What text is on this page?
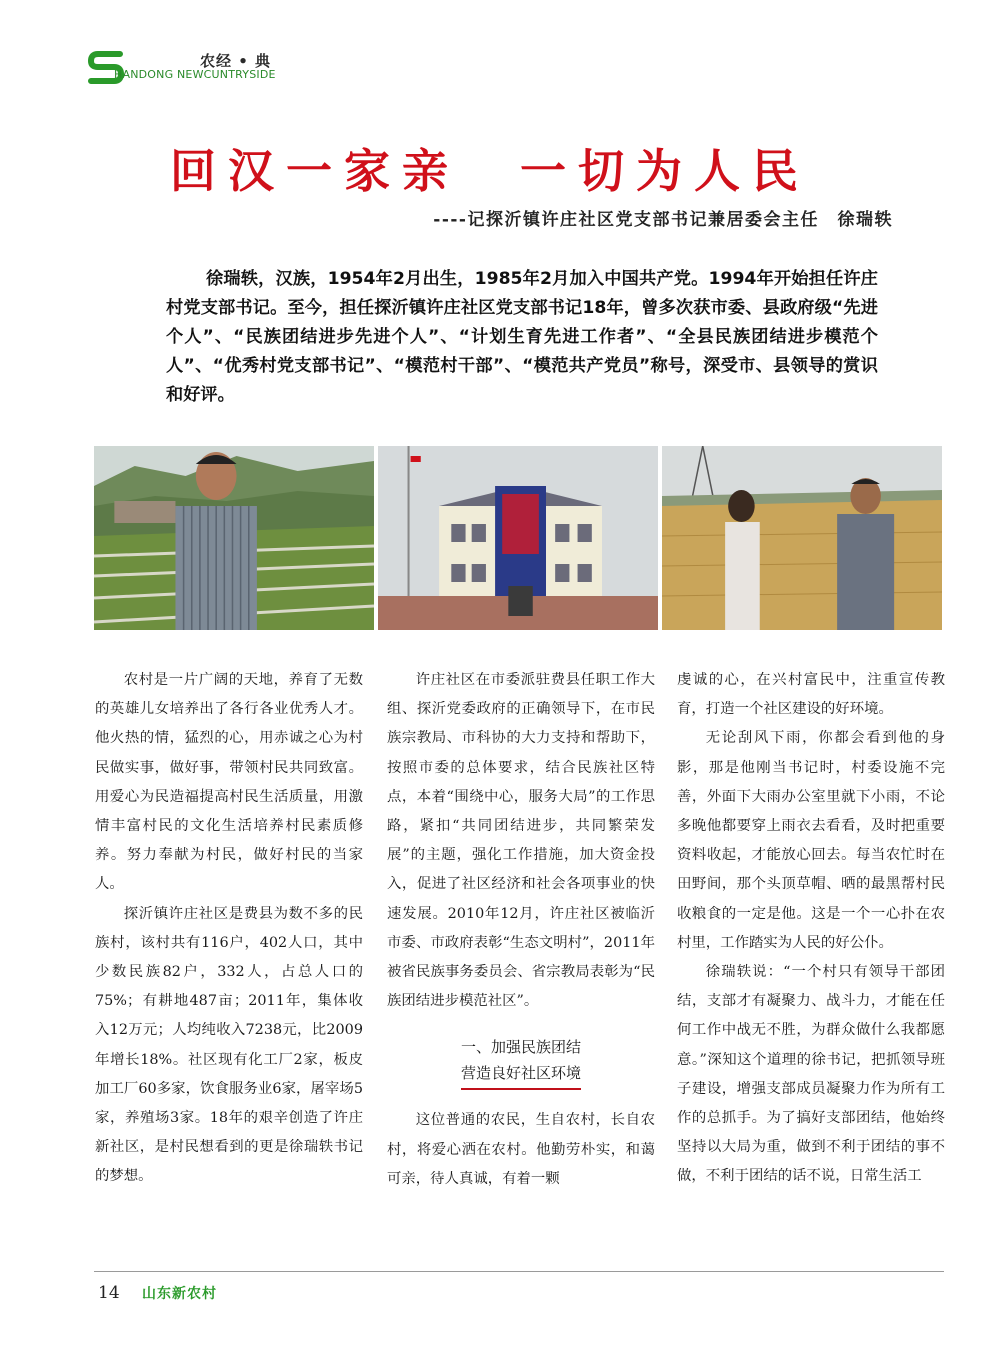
农经 • 典
HANDONG NEWCUNTRYSIDE
回汉一家亲 一切为人民
----记探沂镇许庄社区党支部书记兼居委会主任　徐瑞轶
徐瑞轶，汉族，1954年2月出生，1985年2月加入中国共产党。1994年开始担任许庄村党支部书记。至今，担任探沂镇许庄社区党支部书记18年，曾多次获市委、县政府级“先进个人”、“民族团结进步先进个人”、“计划生育先进工作者”、“全县民族团结进步模范个人”、“优秀村党支部书记”、“模范村干部”、“模范共产党员”称号，深受市、县领导的赏识和好评。

农村是一片广阔的天地，养育了无数的英雄儿女培养出了各行各业优秀人才。他火热的情，猛烈的心，用赤诚之心为村民做实事，做好事，带领村民共同致富。用爱心为民造福提高村民生活质量，用激情丰富村民的文化生活培养村民素质修养。努力奉献为村民，做好村民的当家人。

探沂镇许庄社区是费县为数不多的民族村，该村共有116户，402人口，其中少数民族82户，332人，占总人口的75%；有耕地487亩；2011年，集体收入12万元；人均纯收入7238元，比2009年增长18%。社区现有化工厂2家，板皮加工厂60多家，饮食服务业6家，屠宰场5家，养殖场3家。18年的艰辛创造了许庄新社区，是村民想看到的更是徐瑞轶书记的梦想。

许庄社区在市委派驻费县任职工作大组、探沂党委政府的正确领导下，在市民族宗教局、市科协的大力支持和帮助下，按照市委的总体要求，结合民族社区特点，本着“围绕中心，服务大局”的工作思路，紧扣“共同团结进步，共同繁荣发展”的主题，强化工作措施，加大资金投入，促进了社区经济和社会各项事业的快速发展。2010年12月，许庄社区被临沂市委、市政府表彰“生态文明村”，2011年被省民族事务委员会、省宗教局表彰为“民族团结进步模范社区”。

一、加强民族团结
营造良好社区环境

这位普通的农民，生自农村，长自农村，将爱心洒在农村。他勤劳朴实，和蔼可亲，待人真诚，有着一颗

虔诚的心，在兴村富民中，注重宣传教育，打造一个社区建设的好环境。

无论刮风下雨，你都会看到他的身影，那是他刚当书记时，村委设施不完善，外面下大雨办公室里就下小雨，不论多晚他都要穿上雨衣去看看，及时把重要资料收起，才能放心回去。每当农忙时在田野间，那个头顶草帽、晒的最黑帮村民收粮食的一定是他。这是一个一心扑在农村里，工作踏实为人民的好公仆。

徐瑞轶说：“一个村只有领导干部团结，支部才有凝聚力、战斗力，才能在任何工作中战无不胜，为群众做什么我都愿意。”深知这个道理的徐书记，把抓领导班子建设，增强支部成员凝聚力作为所有工作的总抓手。为了搞好支部团结，他始终坚持以大局为重，做到不利于团结的事不做，不利于团结的话不说，日常生活工

14 山东新农村
